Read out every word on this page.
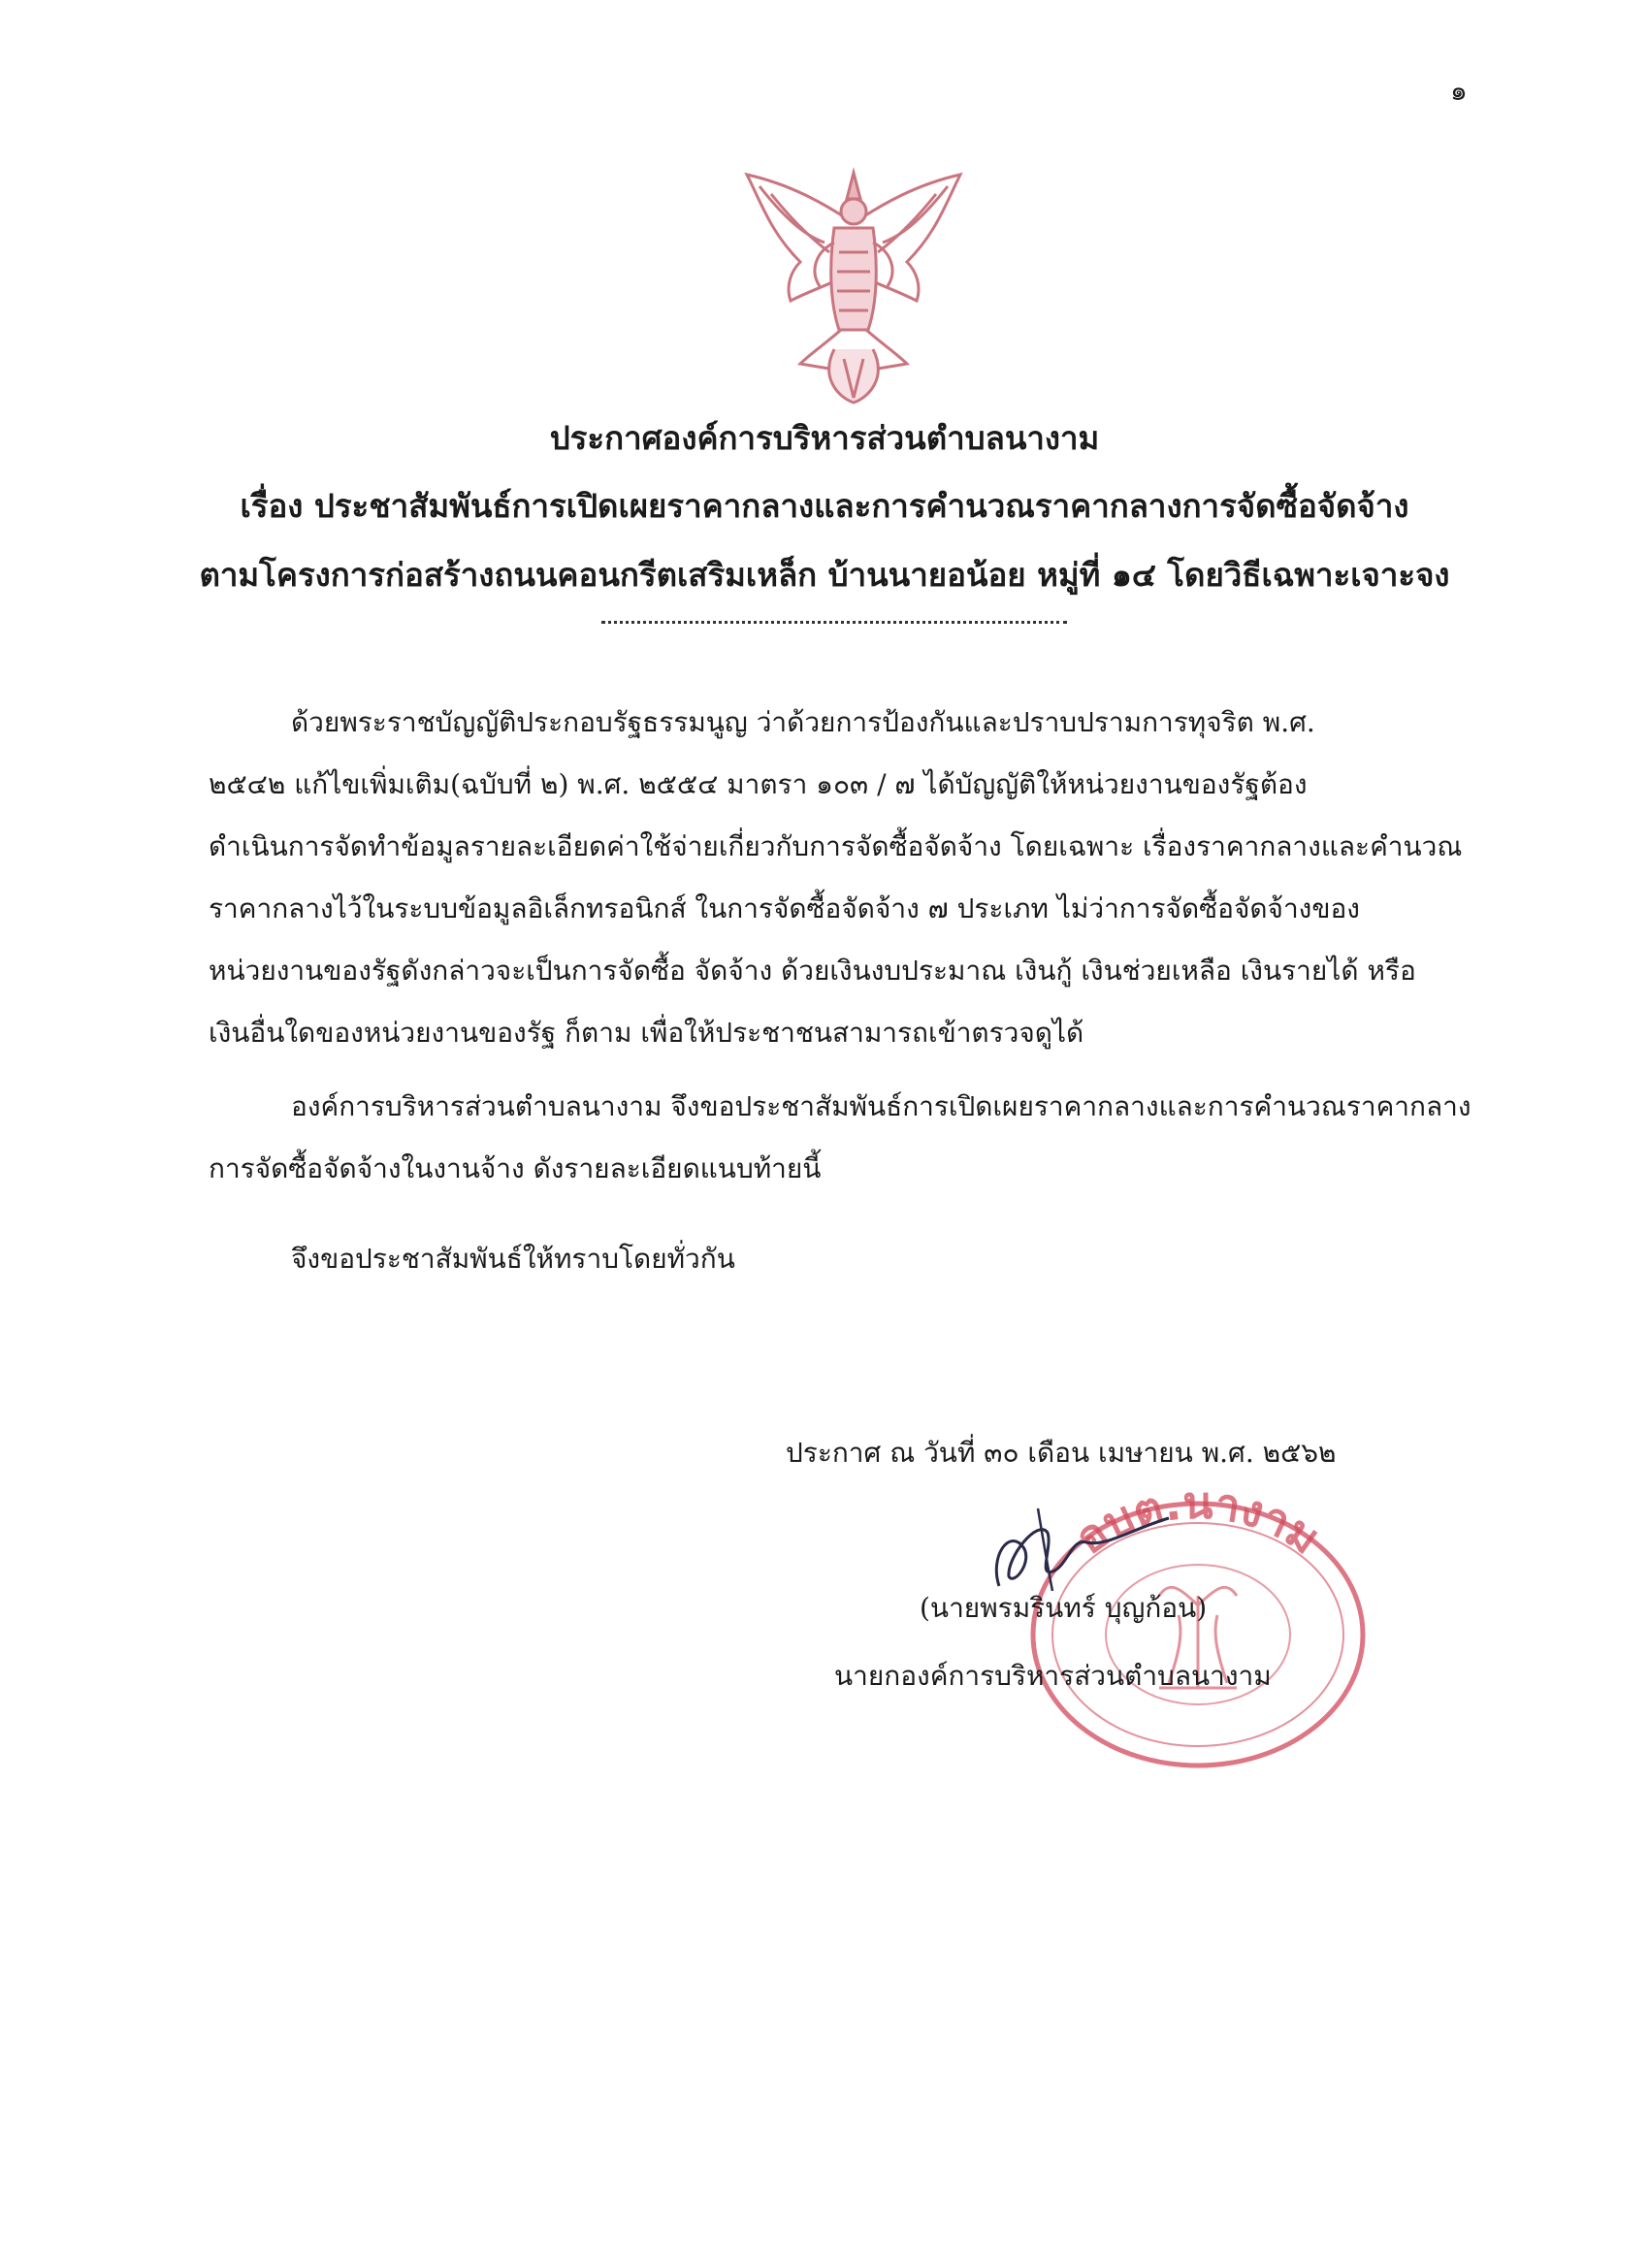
๑
ประกาศองค์การบริหารส่วนตำบลนางาม
เรื่อง ประชาสัมพันธ์การเปิดเผยราคากลางและการคำนวณราคากลางการจัดซื้อจัดจ้าง
ตามโครงการก่อสร้างถนนคอนกรีตเสริมเหล็ก บ้านนายอน้อย หมู่ที่ ๑๔ โดยวิธีเฉพาะเจาะจง
ด้วยพระราชบัญญัติประกอบรัฐธรรมนูญ ว่าด้วยการป้องกันและปราบปรามการทุจริต พ.ศ.
๒๕๔๒ แก้ไขเพิ่มเติม(ฉบับที่ ๒) พ.ศ. ๒๕๕๔ มาตรา ๑๐๓ / ๗ ได้บัญญัติให้หน่วยงานของรัฐต้อง
ดำเนินการจัดทำข้อมูลรายละเอียดค่าใช้จ่ายเกี่ยวกับการจัดซื้อจัดจ้าง โดยเฉพาะ เรื่องราคากลางและคำนวณ
ราคากลางไว้ในระบบข้อมูลอิเล็กทรอนิกส์ ในการจัดซื้อจัดจ้าง ๗ ประเภท ไม่ว่าการจัดซื้อจัดจ้างของ
หน่วยงานของรัฐดังกล่าวจะเป็นการจัดซื้อ จัดจ้าง ด้วยเงินงบประมาณ เงินกู้ เงินช่วยเหลือ เงินรายได้ หรือ
เงินอื่นใดของหน่วยงานของรัฐ ก็ตาม เพื่อให้ประชาชนสามารถเข้าตรวจดูได้
องค์การบริหารส่วนตำบลนางาม จึงขอประชาสัมพันธ์การเปิดเผยราคากลางและการคำนวณราคากลาง
การจัดซื้อจัดจ้างในงานจ้าง ดังรายละเอียดแนบท้ายนี้
จึงขอประชาสัมพันธ์ให้ทราบโดยทั่วกัน
ประกาศ ณ วันที่ ๓๐ เดือน เมษายน พ.ศ. ๒๕๖๒
อบต.นางาม
(นายพรมรินทร์ บุญก้อน)
นายกองค์การบริหารส่วนตำบลนางาม
